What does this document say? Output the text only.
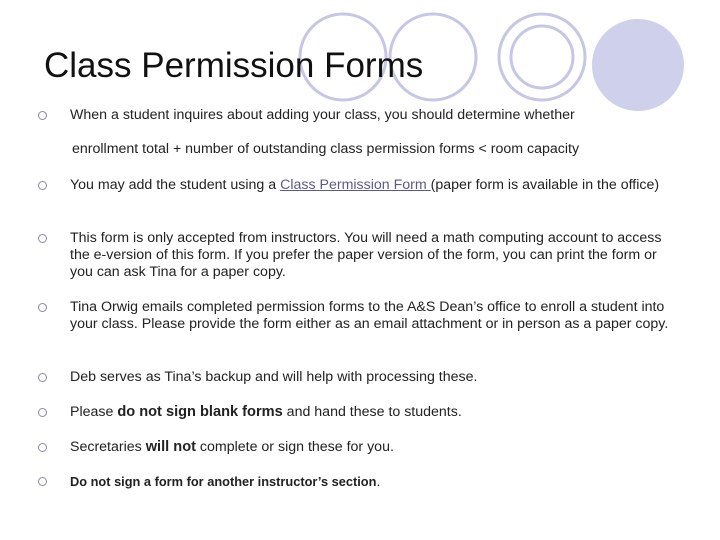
Class Permission Forms
When a student inquires about adding your class, you should determine whether
enrollment total + number of outstanding class permission forms < room capacity
You may add the student using a Class Permission Form (paper form is available in the office)
This form is only accepted from instructors. You will need a math computing account to access the e-version of this form. If you prefer the paper version of the form, you can print the form or you can ask Tina for a paper copy.
Tina Orwig emails completed permission forms to the A&S Dean’s office to enroll a student into your class. Please provide the form either as an email attachment or in person as a paper copy.
Deb serves as Tina’s backup and will help with processing these.
Please do not sign blank forms and hand these to students.
Secretaries will not complete or sign these for you.
Do not sign a form for another instructor’s section.
